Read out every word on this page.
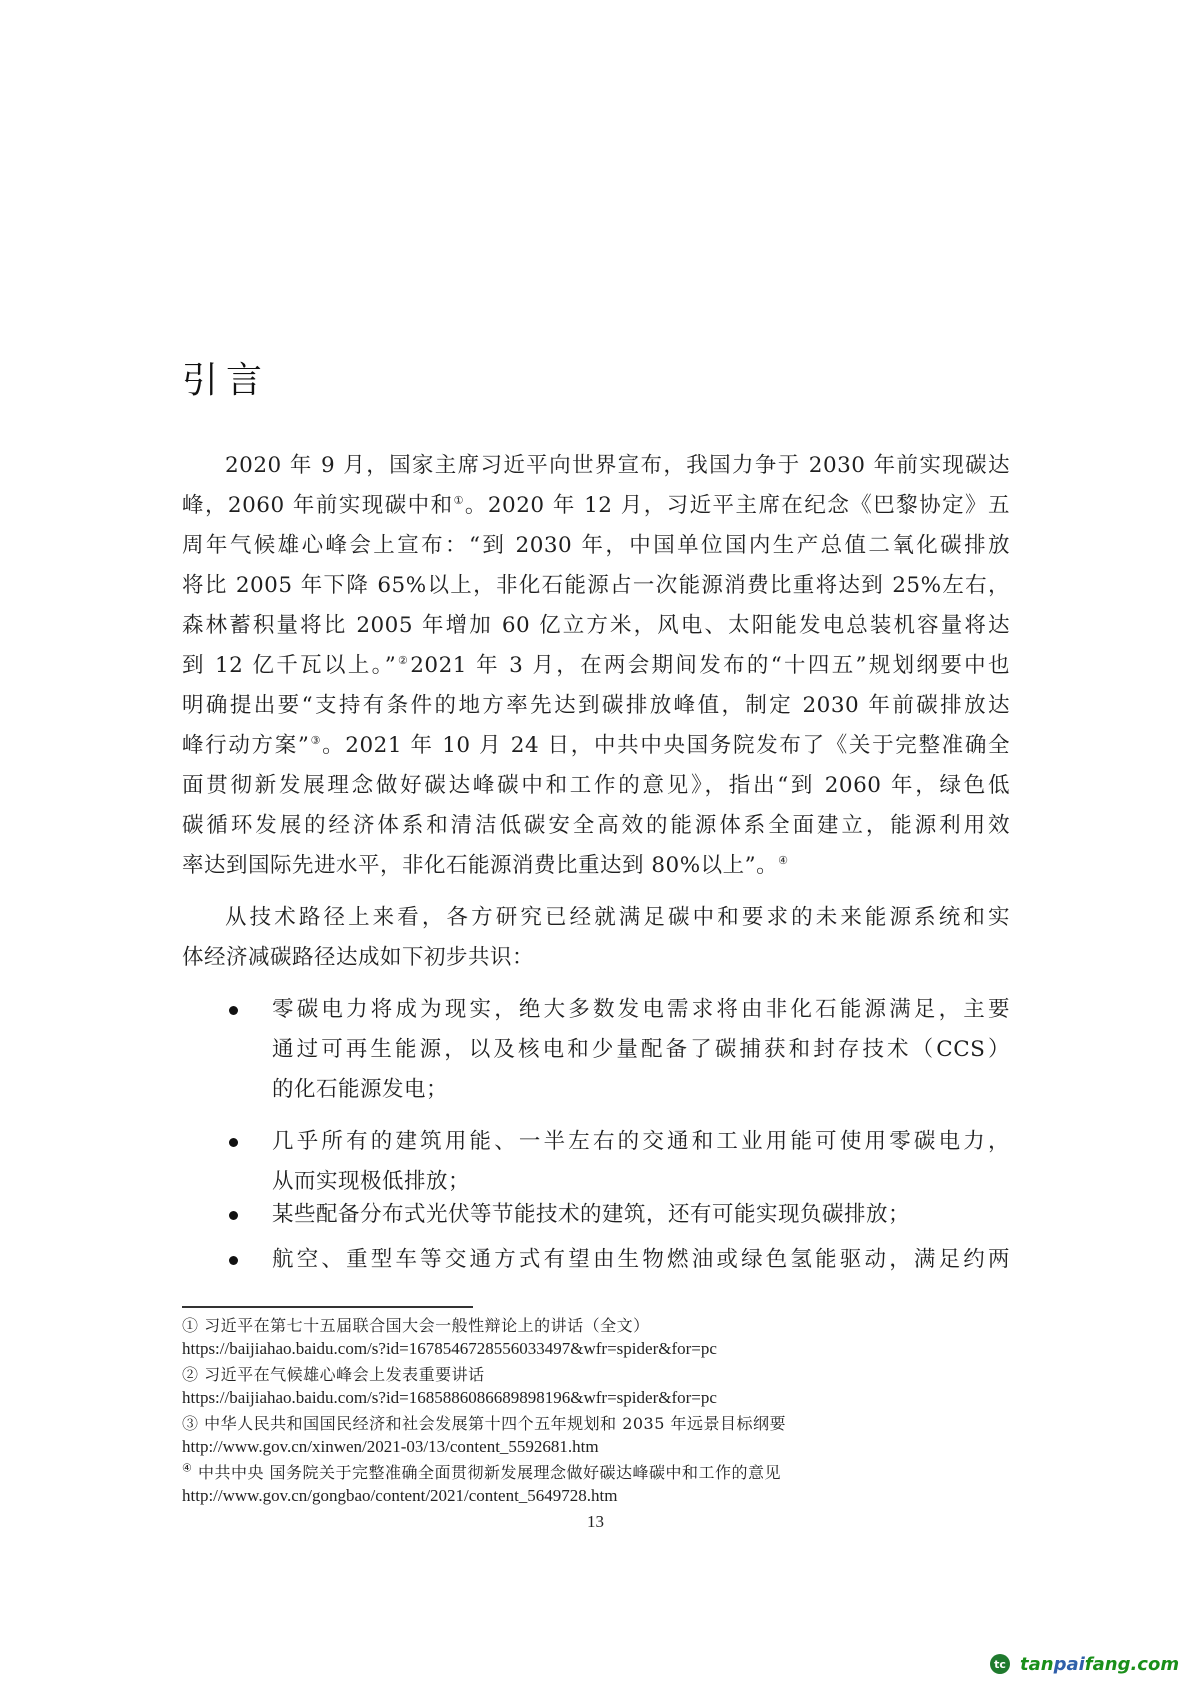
引言
2020 年 9 月，国家主席习近平向世界宣布，我国力争于 2030 年前实现碳达
峰，2060 年前实现碳中和①。2020 年 12 月，习近平主席在纪念《巴黎协定》五
周年气候雄心峰会上宣布：“到 2030 年，中国单位国内生产总值二氧化碳排放
将比 2005 年下降 65%以上，非化石能源占一次能源消费比重将达到 25%左右，
森林蓄积量将比 2005 年增加 60 亿立方米，风电、太阳能发电总装机容量将达
到 12 亿千瓦以上。”②2021 年 3 月，在两会期间发布的“十四五”规划纲要中也
明确提出要“支持有条件的地方率先达到碳排放峰值，制定 2030 年前碳排放达
峰行动方案”③。2021 年 10 月 24 日，中共中央国务院发布了《关于完整准确全
面贯彻新发展理念做好碳达峰碳中和工作的意见》，指出“到 2060 年，绿色低
碳循环发展的经济体系和清洁低碳安全高效的能源体系全面建立，能源利用效
率达到国际先进水平，非化石能源消费比重达到 80%以上”。④
从技术路径上来看，各方研究已经就满足碳中和要求的未来能源系统和实
体经济减碳路径达成如下初步共识：
零碳电力将成为现实，绝大多数发电需求将由非化石能源满足，主要
通过可再生能源，以及核电和少量配备了碳捕获和封存技术（CCS）
的化石能源发电；
几乎所有的建筑用能、一半左右的交通和工业用能可使用零碳电力，
从而实现极低排放；
某些配备分布式光伏等节能技术的建筑，还有可能实现负碳排放；
航空、重型车等交通方式有望由生物燃油或绿色氢能驱动，满足约两
① 习近平在第七十五届联合国大会一般性辩论上的讲话（全文）
https://baijiahao.baidu.com/s?id=1678546728556033497&wfr=spider&for=pc
② 习近平在气候雄心峰会上发表重要讲话
https://baijiahao.baidu.com/s?id=1685886086689898196&wfr=spider&for=pc
③ 中华人民共和国国民经济和社会发展第十四个五年规划和 2035 年远景目标纲要
http://www.gov.cn/xinwen/2021-03/13/content_5592681.htm
④ 中共中央 国务院关于完整准确全面贯彻新发展理念做好碳达峰碳中和工作的意见
http://www.gov.cn/gongbao/content/2021/content_5649728.htm
13
tc tanpaifang.com
